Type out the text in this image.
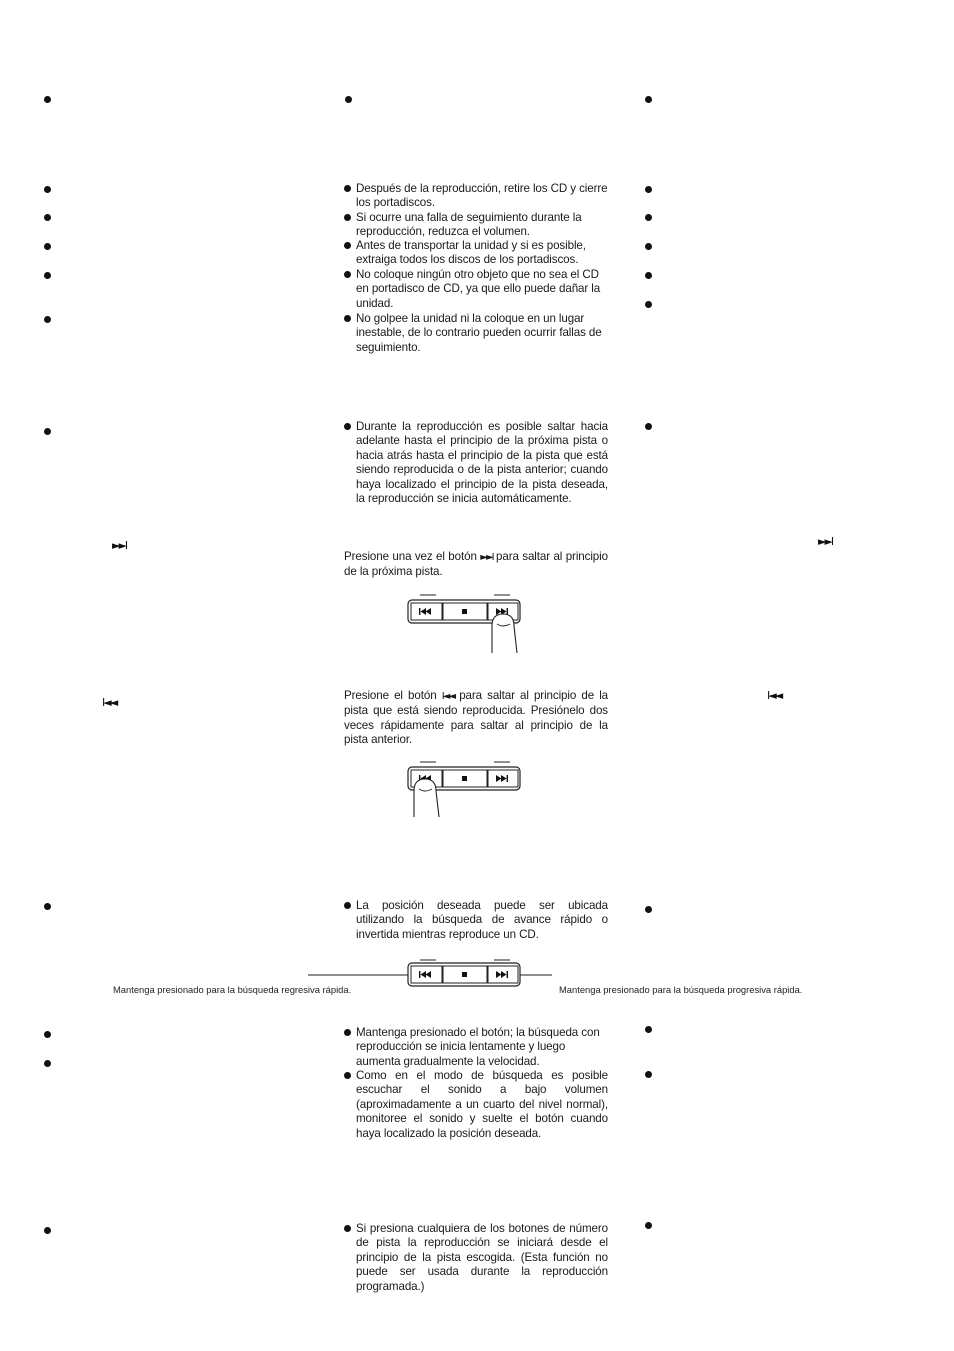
►►I
I◄◄
►►I
I◄◄
Después de la reproducción, retire los CD y cierre los portadiscos.
Si ocurre una falla de seguimiento durante la reproducción, reduzca el volumen.
Antes de transportar la unidad y si es posible, extraiga todos los discos de los portadiscos.
No coloque ningún otro objeto que no sea el CD en portadisco de CD, ya que ello puede dañar la unidad.
No golpee la unidad ni la coloque en un lugar inestable, de lo contrario pueden ocurrir fallas de seguimiento.
Durante la reproducción es posible saltar hacia adelante hasta el principio de la próxima pista o hacia atrás hasta el principio de la pista que está siendo reproducida o de la pista anterior; cuando haya localizado el principio de la pista deseada, la reproducción se inicia automáticamente.
Presione una vez el botón ►►I para saltar al principio de la próxima pista.
Presione el botón I◄◄ para saltar al principio de la pista que está siendo reproducida. Presiónelo dos veces rápidamente para saltar al principio de la pista anterior.
La posición deseada puede ser ubicada utilizando la búsqueda de avance rápido o invertida mientras reproduce un CD.
Mantenga presionado para la búsqueda regresiva rápida.	Mantenga presionado para la búsqueda progresiva rápida.
Mantenga presionado el botón; la búsqueda con reproducción se inicia lentamente y luego aumenta gradualmente la velocidad.
Como en el modo de búsqueda es posible escuchar el sonido a bajo volumen (aproximadamente a un cuarto del nivel normal), monitoree el sonido y suelte el botón cuando haya localizado la posición deseada.
Si presiona cualquiera de los botones de número de pista la reproducción se iniciará desde el principio de la pista escogida. (Esta función no puede ser usada durante la reproducción programada.)
